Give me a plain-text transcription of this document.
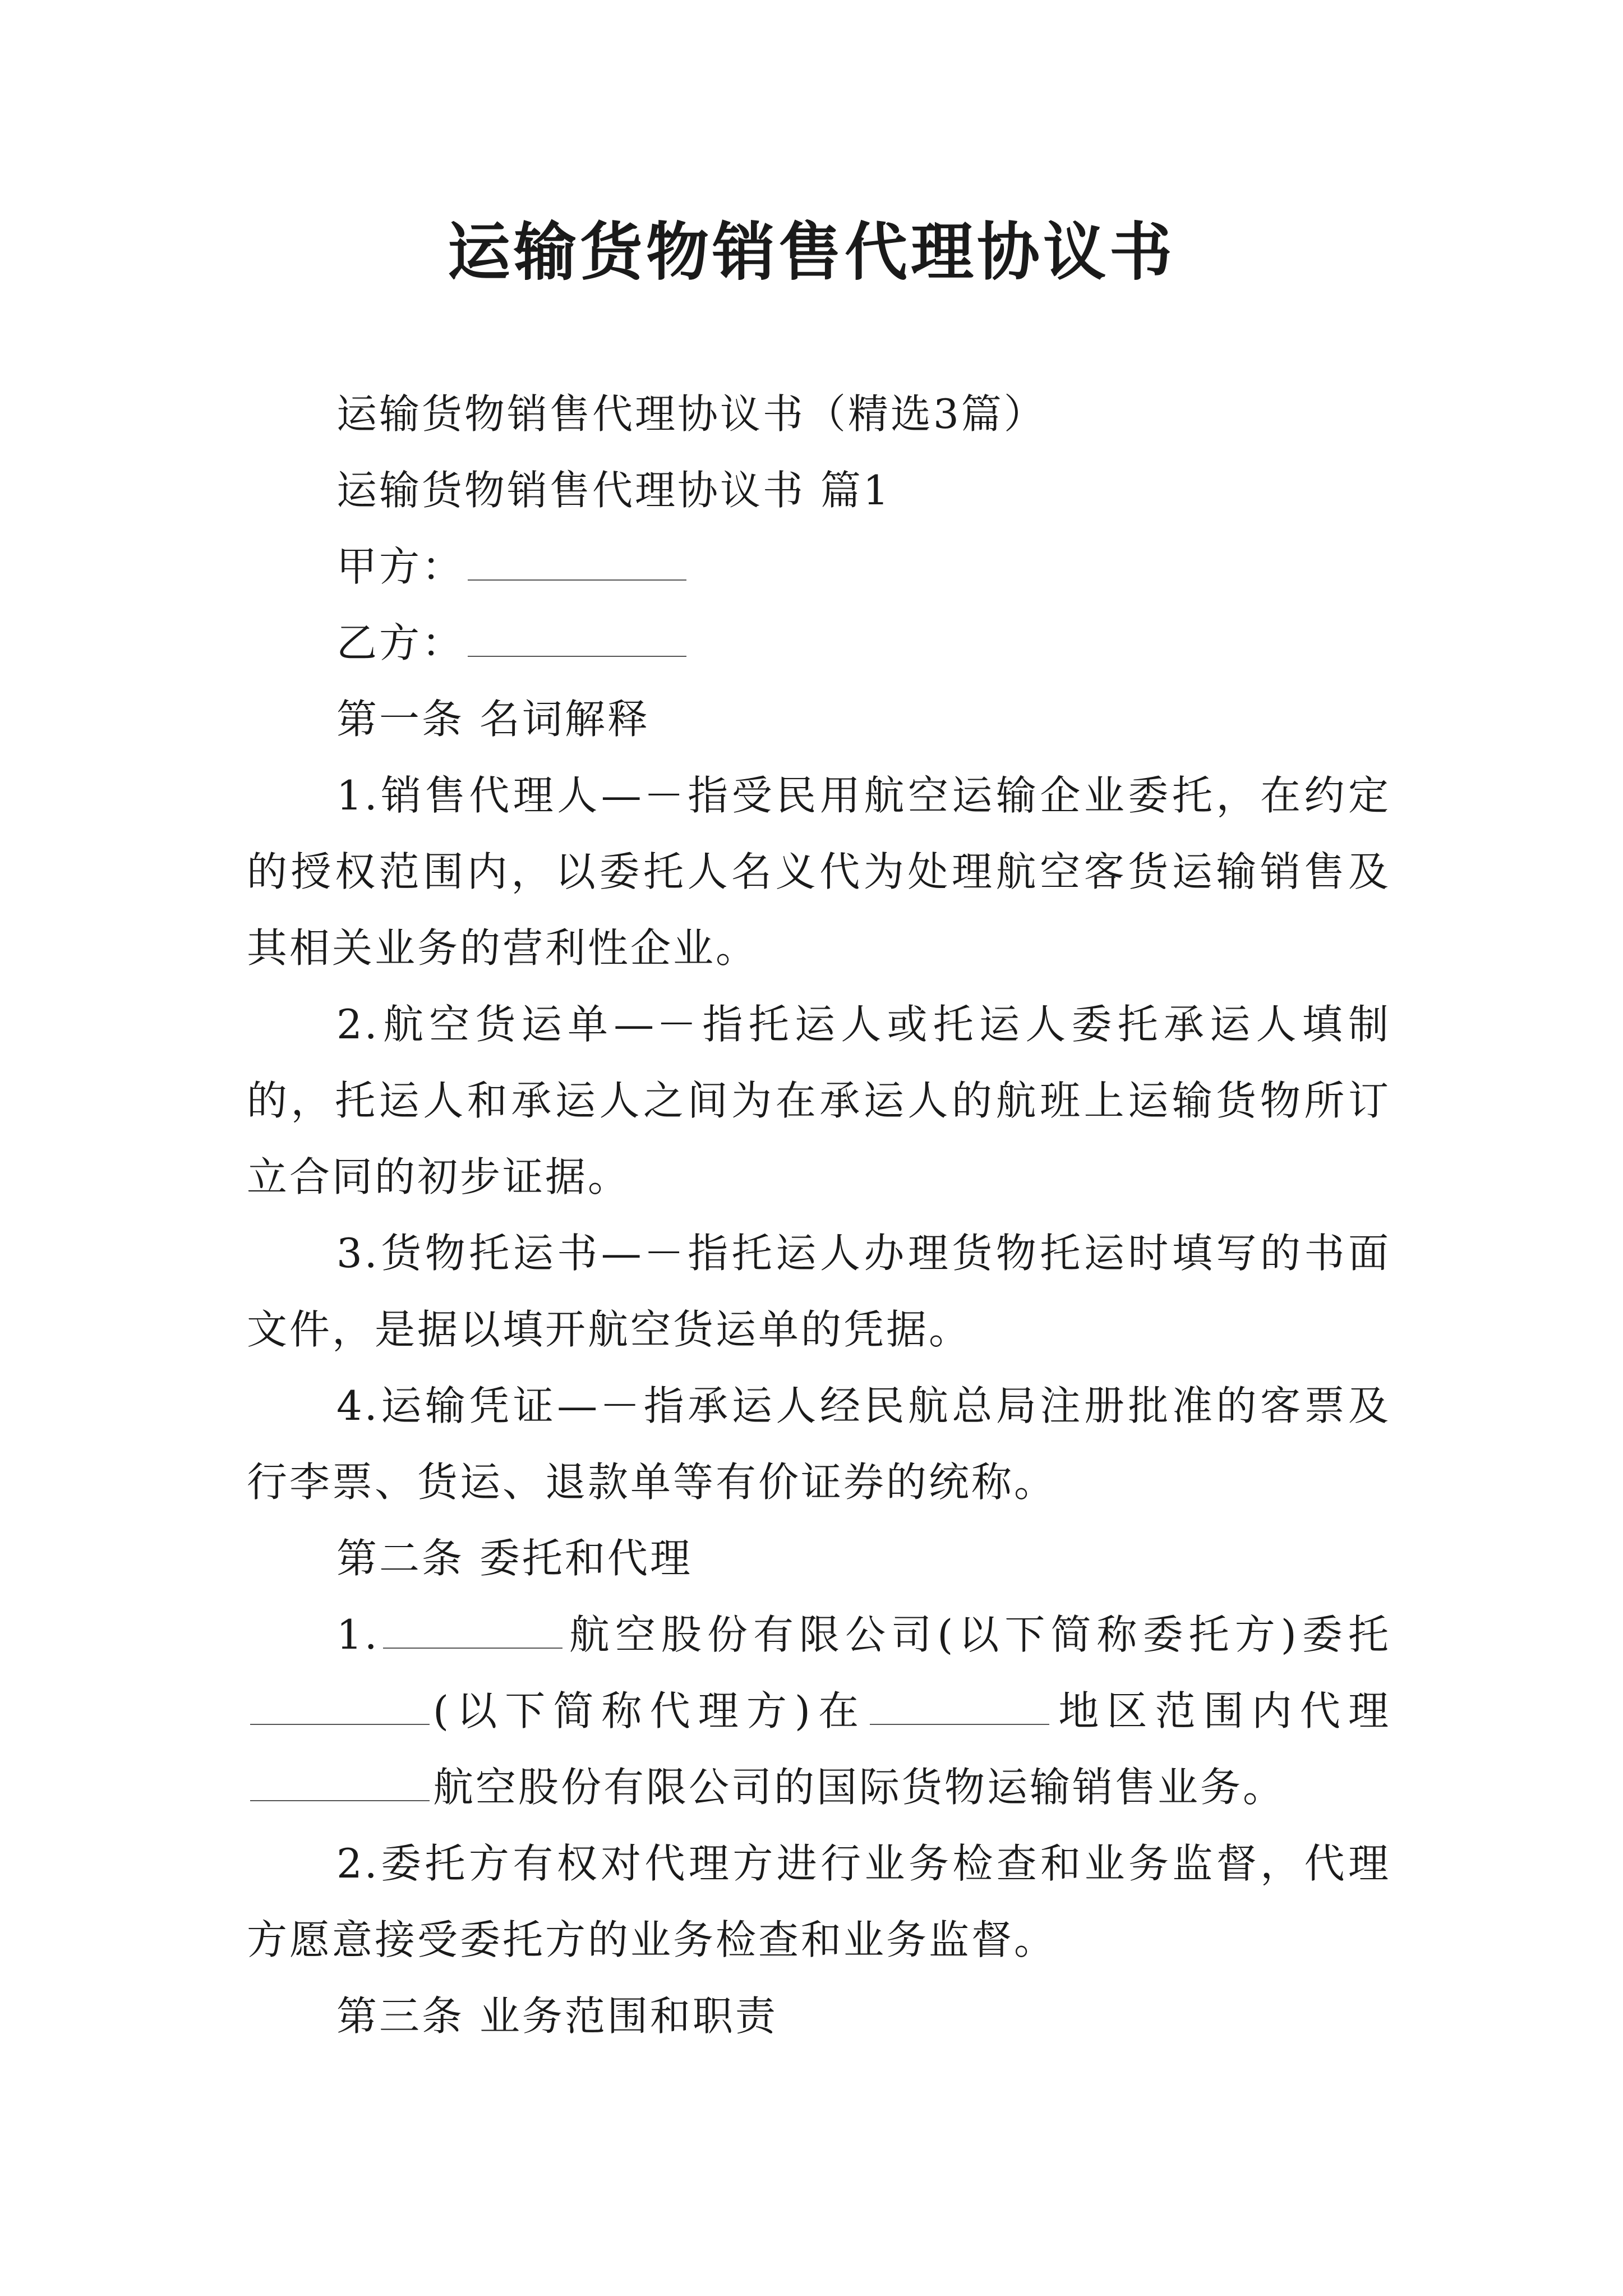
运输货物销售代理协议书

运输货物销售代理协议书（精选3篇）

运输货物销售代理协议书 篇1

甲方：

乙方：

第一条 名词解释

1.销售代理人—－指受民用航空运输企业委托，在约定的授权范围内，以委托人名义代为处理航空客货运输销售及其相关业务的营利性企业。

2.航空货运单—－指托运人或托运人委托承运人填制的，托运人和承运人之间为在承运人的航班上运输货物所订立合同的初步证据。

3.货物托运书—－指托运人办理货物托运时填写的书面文件，是据以填开航空货运单的凭据。

4.运输凭证—－指承运人经民航总局注册批准的客票及行李票、货运、退款单等有价证券的统称。

第二条 委托和代理

1.	航空股份有限公司(以下简称委托方)委托(以下简称代理方)在	地区范围内代理航空股份有限公司的国际货物运输销售业务。

2.委托方有权对代理方进行业务检查和业务监督，代理方愿意接受委托方的业务检查和业务监督。

第三条 业务范围和职责
